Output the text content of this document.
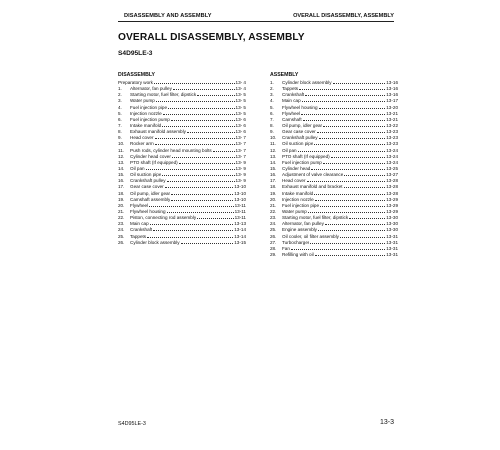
DISASSEMBLY AND ASSEMBLY	OVERALL DISASSEMBLY, ASSEMBLY
OVERALL DISASSEMBLY, ASSEMBLY
S4D95LE-3
DISASSEMBLY
Preparatory work	13- 4
1.	Alternator, fan pulley	13- 4
2.	Starting motor, fuel filter, dipstick	13- 5
3.	Water pump	13- 5
4.	Fuel injection pipe	13- 5
5.	Injection nozzle	13- 5
6.	Fuel injection pump	13- 6
7.	Intake manifold	13- 6
8.	Exhaust manifold assembly	13- 6
9.	Head cover	13- 7
10.	Rocker arm	13- 7
11.	Push rods, cylinder head mounting bolts	13- 7
12.	Cylinder head cover	13- 7
13.	PTO shaft (If equipped)	13- 9
14.	Oil pan	13- 9
15.	Oil suction pipe	13- 9
16.	Crankshaft pulley	13- 9
17.	Gear case cover	13-10
18.	Oil pump, idler gear	13-10
19.	Camshaft assembly	13-10
20.	Flywheel	13-11
21.	Flywheel housing	13-11
22.	Piston, connecting rod assembly	13-11
23.	Main cap	13-13
24.	Crankshaft	13-14
25.	Tappets	13-14
26.	Cylinder block assembly	13-15
ASSEMBLY
1.	Cylinder block assembly	13-16
2.	Tappets	13-16
3.	Crankshaft	13-16
4.	Main cap	13-17
5.	Flywheel housing	13-20
6.	Flywheel	13-21
7.	Camshaft	13-21
8.	Oil pump, idler gear	13-22
9.	Gear case cover	13-23
10.	Crankshaft pulley	13-23
11.	Oil suction pipe	13-23
12.	Oil pan	13-24
13.	PTO shaft (If equipped)	13-24
14.	Fuel injection pump	13-24
15.	Cylinder head	13-25
16.	Adjustment of valve clearance	13-27
17.	Head cover	13-28
18.	Exhaust manifold and bracket	13-28
19.	Intake manifold	13-28
20.	Injection nozzle	13-29
21.	Fuel injection pipe	13-29
22.	Water pump	13-29
23.	Starting motor, fuel filter, dipstick	13-30
24.	Alternator, fan pulley	13-30
25.	Engine assembly	13-30
26.	Oil cooler, oil filter assembly	13-31
27.	Turbocharger	13-31
28.	Fan	13-31
29.	Refilling with oil	13-31
S4D95LE-3	13-3
